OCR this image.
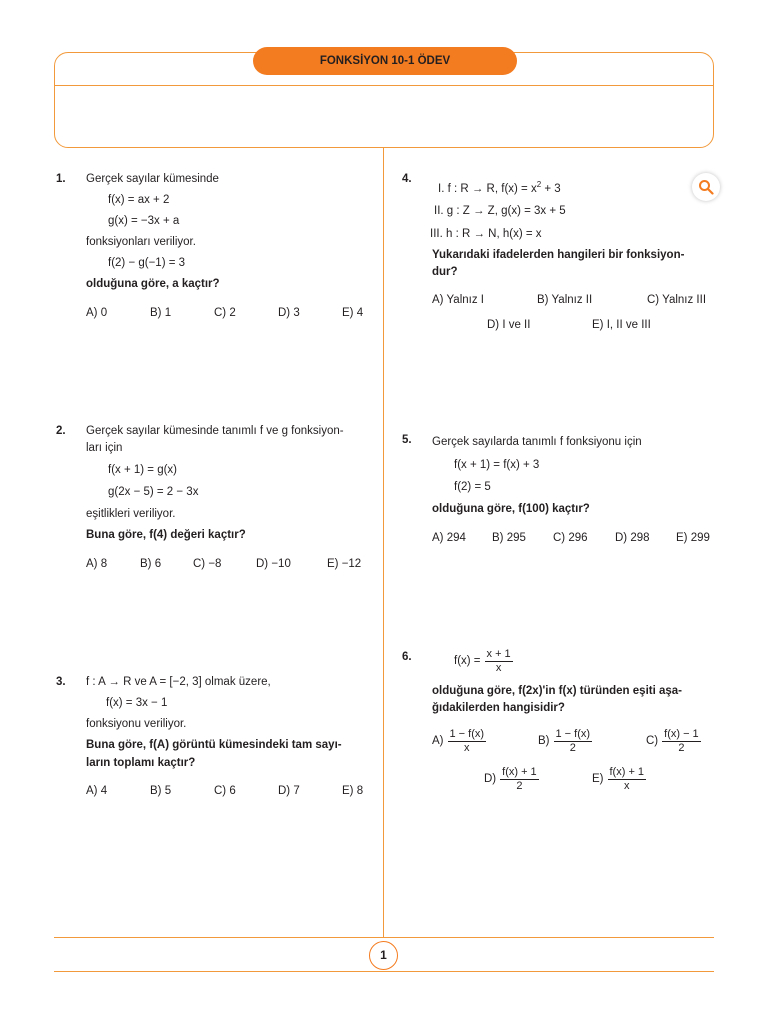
FONKSİYON 10-1 ÖDEV
1. Gerçek sayılar kümesinde
f(x) = ax + 2
g(x) = −3x + a
fonksiyonları veriliyor.
f(2) − g(−1) = 3
olduğuna göre, a kaçtır?
A) 0	B) 1	C) 2	D) 3	E) 4
2. Gerçek sayılar kümesinde tanımlı f ve g fonksiyon-
ları için
f(x + 1) = g(x)
g(2x − 5) = 2 − 3x
eşitlikleri veriliyor.
Buna göre, f(4) değeri kaçtır?
A) 8	B) 6	C) −8	D) −10	E) −12
3. f : A → R ve A = [−2, 3] olmak üzere,
f(x) = 3x − 1
fonksiyonu veriliyor.
Buna göre, f(A) görüntü kümesindeki tam sayı-
ların toplamı kaçtır?
A) 4	B) 5	C) 6	D) 7	E) 8
4.
I. f : R → R, $f(x) = x^2 + 3$
II. g : Z → Z, g(x) = 3x + 5
III. h : R → N, h(x) = x
Yukarıdaki ifadelerden hangileri bir fonksiyon-
dur?
A) Yalnız I	B) Yalnız II	C) Yalnız III
D) I ve II	E) I, II ve III
5. Gerçek sayılarda tanımlı f fonksiyonu için
f(x + 1) = f(x) + 3
f(2) = 5
olduğuna göre, f(100) kaçtır?
A) 294 B) 295 C) 296 D) 298 E) 299
6.	$f(x) = \frac{x + 1}{x}$
olduğuna göre, f(2x)'in f(x) türünden eşiti aşa-
ğıdakilerden hangisidir?
$A) \frac{1 - f(x)}{x}$	$B) \frac{1 - f(x)}{2}$	$C) \frac{f(x) - 1}{2}$
$D) \frac{f(x) + 1}{2}$	$E) \frac{f(x) + 1}{x}$
1
